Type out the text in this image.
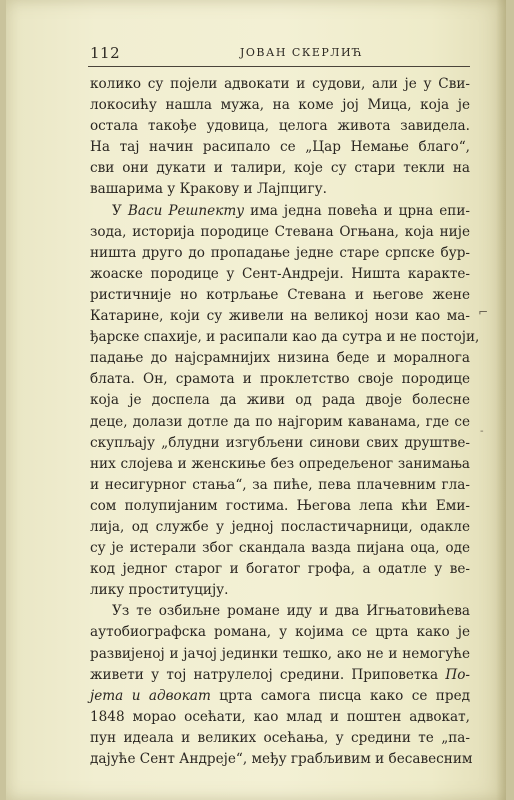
112	ЈОВАН СКЕРЛИЋ
колико су појели адвокати и судови, али је у Сви-
локосићу нашла мужа, на коме јој Мица, која је
остала такође удовица, целога живота завидела.
На тај начин расипало се „Цар Немање благо“,
сви они дукати и талири, које су стари текли на
вашарима у Кракову и Лајпцигу.
У Васи Решпекту има једна повећа и црна епи-
зода, историја породице Стевана Огњана, која није
ништа друго до пропадање једне старе српске бур-
жоаске породице у Сент-Андреји. Ништа карактe-
ристичније но котрљање Стевана и његове жене
Катарине, који су живели на великој нози као ма-
ђарске спахије, и расипали као да сутра и не постоји,
падање до најсрамнијих низина беде и моралнога
блата. Он, срамота и проклетство своје породице
која је доспела да живи од рада двоје болесне
деце, долази дотле да по најгорим каванама, где се
скупљају „блудни изгубљени синови свих друштве-
них слојева и женскиње без опредељеног занимања
и несигурног стања“, за пиће, пева плачевним гла-
сом полупијаним гостима. Његова лепа кћи Еми-
лија, од службе у једној посластичарници, одакле
су је истерали због скандала вазда пијана оца, оде
код једног старог и богатог грофа, а одатле у ве-
лику проституцију.
Уз те озбиљне романе иду и два Игњатовићева
аутобиографска романа, у којима се црта како је
развијеној и јачој јединки тешко, ако не и немогуће
живети у тој натрулелој средини. Приповетка По-
јета и адвокат црта самога писца како се пред
1848 морао осећати, као млад и поштен адвокат,
пун идеала и великих осећања, у средини те „па-
дајуће Сент Андреје“, међу грабљивим и бесавесним
⌐
-
